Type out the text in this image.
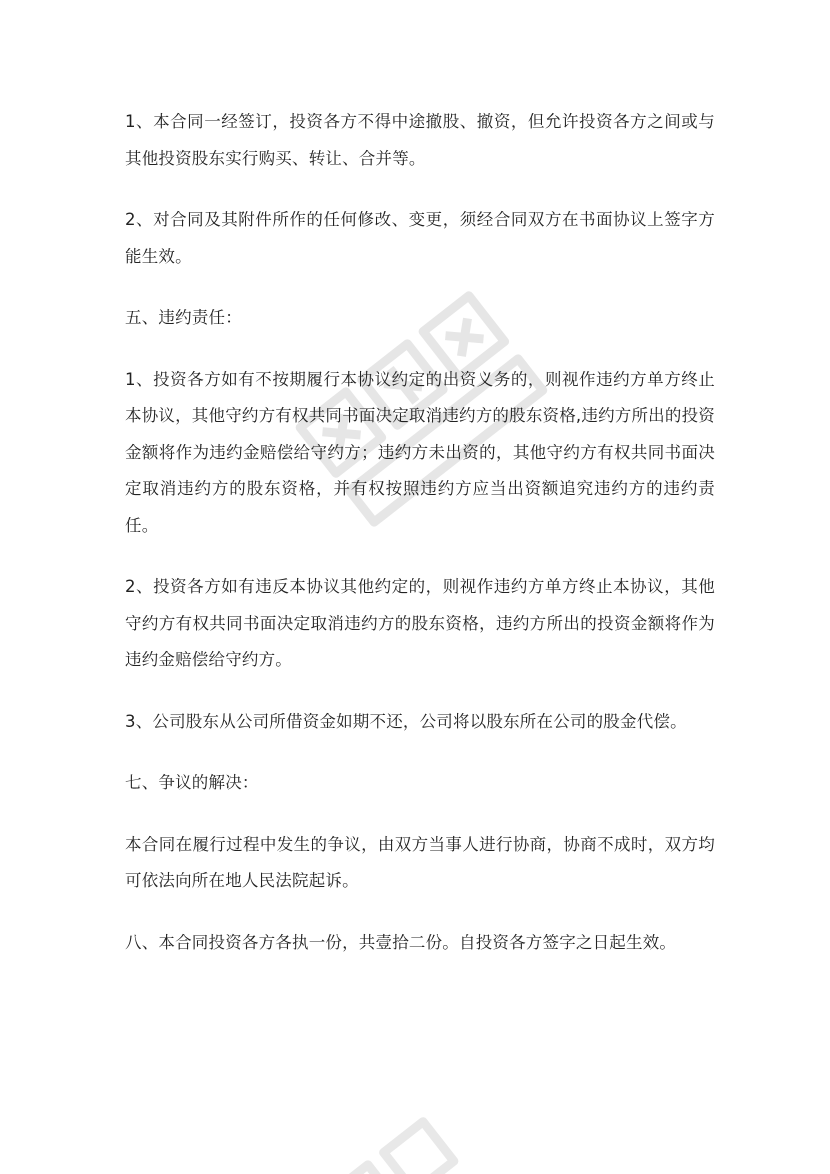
1、本合同一经签订，投资各方不得中途撤股、撤资，但允许投资各方之间或与其他投资股东实行购买、转让、合并等。

2、对合同及其附件所作的任何修改、变更，须经合同双方在书面协议上签字方能生效。

五、违约责任：

1、投资各方如有不按期履行本协议约定的出资义务的，则视作违约方单方终止本协议，其他守约方有权共同书面决定取消违约方的股东资格,违约方所出的投资金额将作为违约金赔偿给守约方；违约方未出资的，其他守约方有权共同书面决定取消违约方的股东资格，并有权按照违约方应当出资额追究违约方的违约责任。

2、投资各方如有违反本协议其他约定的，则视作违约方单方终止本协议，其他守约方有权共同书面决定取消违约方的股东资格，违约方所出的投资金额将作为违约金赔偿给守约方。

3、公司股东从公司所借资金如期不还，公司将以股东所在公司的股金代偿。

七、争议的解决：

本合同在履行过程中发生的争议，由双方当事人进行协商，协商不成时，双方均可依法向所在地人民法院起诉。

八、本合同投资各方各执一份，共壹拾二份。自投资各方签字之日起生效。
